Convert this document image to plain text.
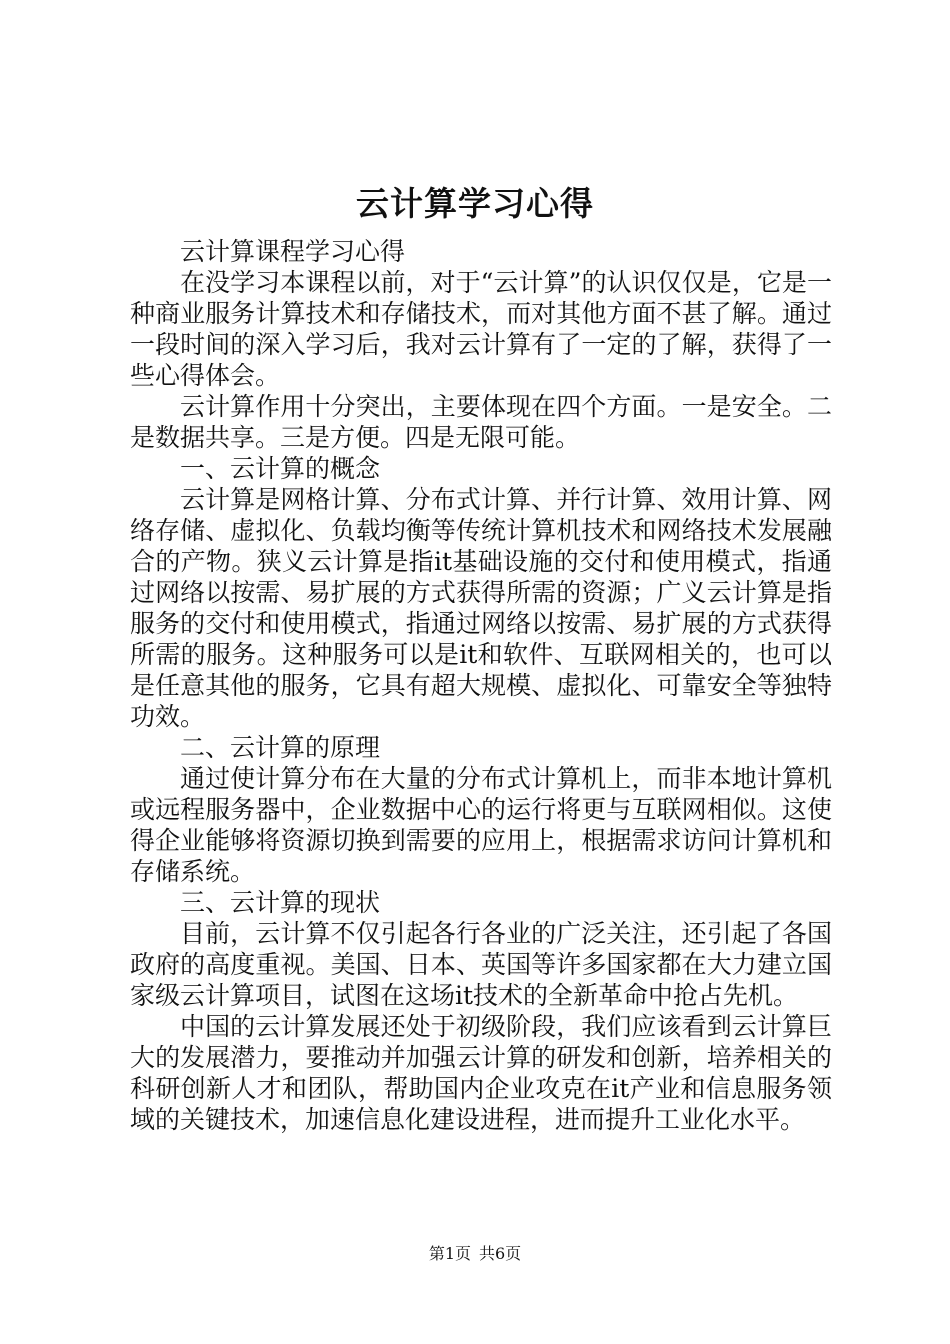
云计算学习心得

云计算课程学习心得

在没学习本课程以前，对于“云计算”的认识仅仅是，它是一种商业服务计算技术和存储技术，而对其他方面不甚了解。通过一段时间的深入学习后，我对云计算有了一定的了解，获得了一些心得体会。

云计算作用十分突出，主要体现在四个方面。一是安全。二是数据共享。三是方便。四是无限可能。

一、云计算的概念

云计算是网格计算、分布式计算、并行计算、效用计算、网络存储、虚拟化、负载均衡等传统计算机技术和网络技术发展融合的产物。狭义云计算是指it基础设施的交付和使用模式，指通过网络以按需、易扩展的方式获得所需的资源；广义云计算是指服务的交付和使用模式，指通过网络以按需、易扩展的方式获得所需的服务。这种服务可以是it和软件、互联网相关的，也可以是任意其他的服务，它具有超大规模、虚拟化、可靠安全等独特功效。

二、云计算的原理

通过使计算分布在大量的分布式计算机上，而非本地计算机或远程服务器中，企业数据中心的运行将更与互联网相似。这使得企业能够将资源切换到需要的应用上，根据需求访问计算机和存储系统。

三、云计算的现状

目前，云计算不仅引起各行各业的广泛关注，还引起了各国政府的高度重视。美国、日本、英国等许多国家都在大力建立国家级云计算项目，试图在这场it技术的全新革命中抢占先机。

中国的云计算发展还处于初级阶段，我们应该看到云计算巨大的发展潜力，要推动并加强云计算的研发和创新，培养相关的科研创新人才和团队，帮助国内企业攻克在it产业和信息服务领域的关键技术，加速信息化建设进程，进而提升工业化水平。

第1页 共6页
